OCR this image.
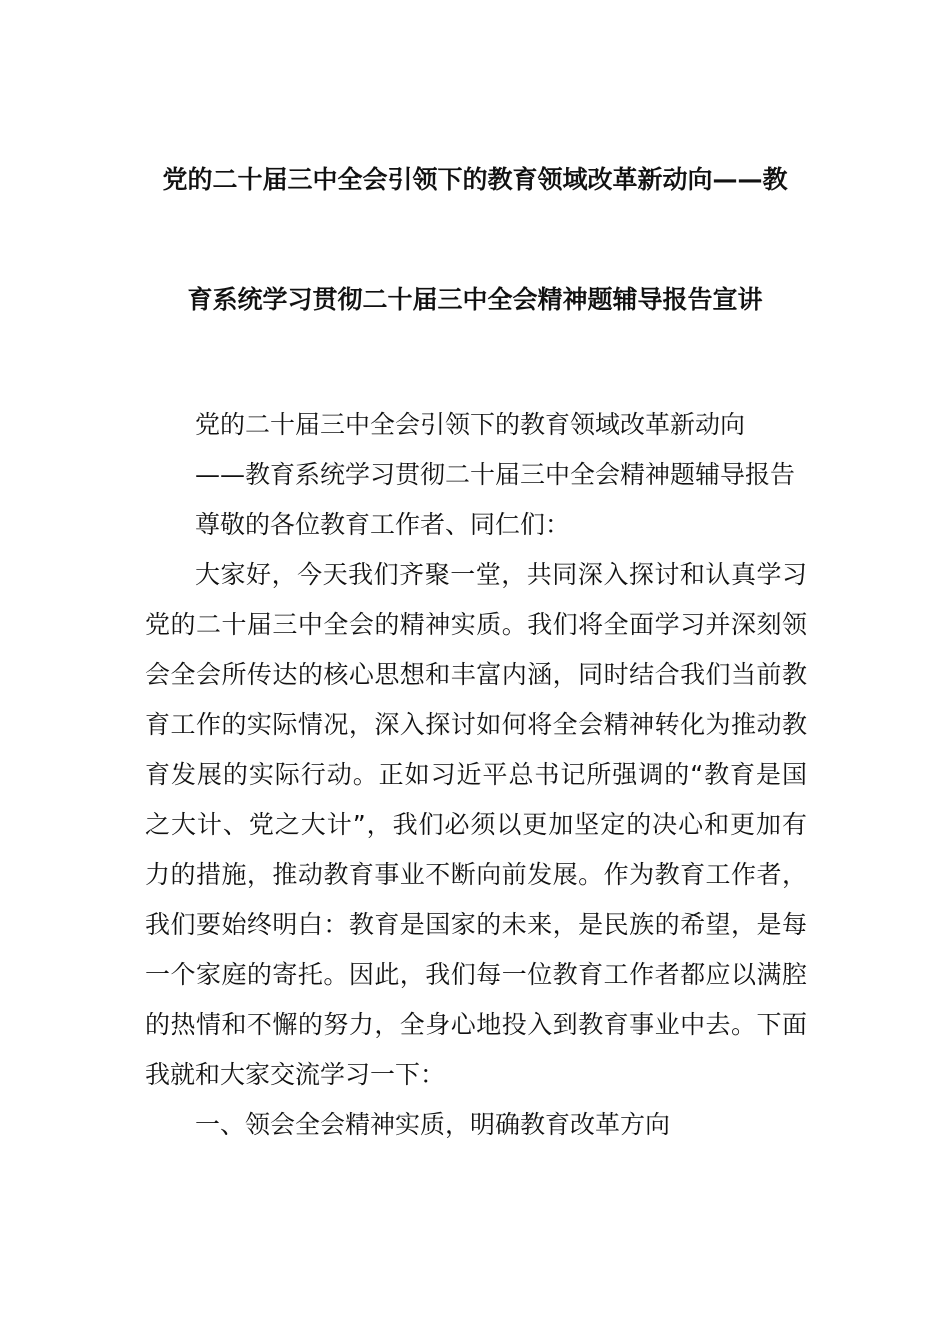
党的二十届三中全会引领下的教育领域改革新动向——教
育系统学习贯彻二十届三中全会精神题辅导报告宣讲

党的二十届三中全会引领下的教育领域改革新动向

——教育系统学习贯彻二十届三中全会精神题辅导报告

尊敬的各位教育工作者、同仁们：

大家好，今天我们齐聚一堂，共同深入探讨和认真学习党的二十届三中全会的精神实质。我们将全面学习并深刻领会全会所传达的核心思想和丰富内涵，同时结合我们当前教育工作的实际情况，深入探讨如何将全会精神转化为推动教育发展的实际行动。正如习近平总书记所强调的“教育是国之大计、党之大计”，我们必须以更加坚定的决心和更加有力的措施，推动教育事业不断向前发展。作为教育工作者，我们要始终明白：教育是国家的未来，是民族的希望，是每一个家庭的寄托。因此，我们每一位教育工作者都应以满腔的热情和不懈的努力，全身心地投入到教育事业中去。下面我就和大家交流学习一下：

一、领会全会精神实质，明确教育改革方向
